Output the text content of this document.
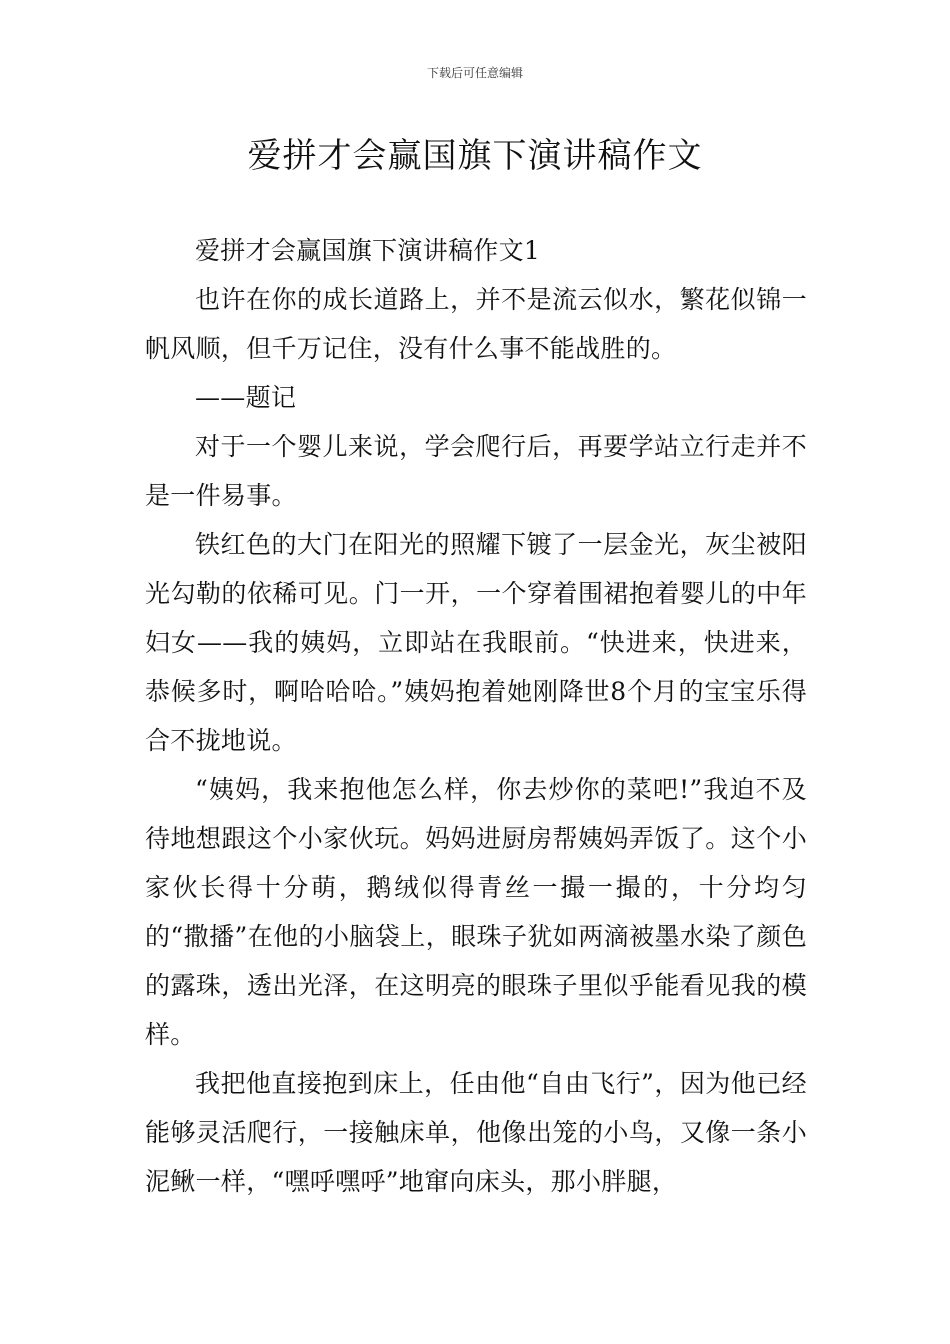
下载后可任意编辑
爱拼才会赢国旗下演讲稿作文

爱拼才会赢国旗下演讲稿作文1

也许在你的成长道路上，并不是流云似水，繁花似锦一帆风顺，但千万记住，没有什么事不能战胜的。

——题记

对于一个婴儿来说，学会爬行后，再要学站立行走并不是一件易事。

铁红色的大门在阳光的照耀下镀了一层金光，灰尘被阳光勾勒的依稀可见。门一开，一个穿着围裙抱着婴儿的中年妇女——我的姨妈，立即站在我眼前。“快进来，快进来，恭候多时，啊哈哈哈。”姨妈抱着她刚降世8个月的宝宝乐得合不拢地说。

“姨妈，我来抱他怎么样，你去炒你的菜吧!”我迫不及待地想跟这个小家伙玩。妈妈进厨房帮姨妈弄饭了。这个小家伙长得十分萌，鹅绒似得青丝一撮一撮的，十分均匀的“撒播”在他的小脑袋上，眼珠子犹如两滴被墨水染了颜色的露珠，透出光泽，在这明亮的眼珠子里似乎能看见我的模样。

我把他直接抱到床上，任由他“自由飞行”，因为他已经能够灵活爬行，一接触床单，他像出笼的小鸟，又像一条小泥鳅一样，“嘿呼嘿呼”地窜向床头，那小胖腿，
